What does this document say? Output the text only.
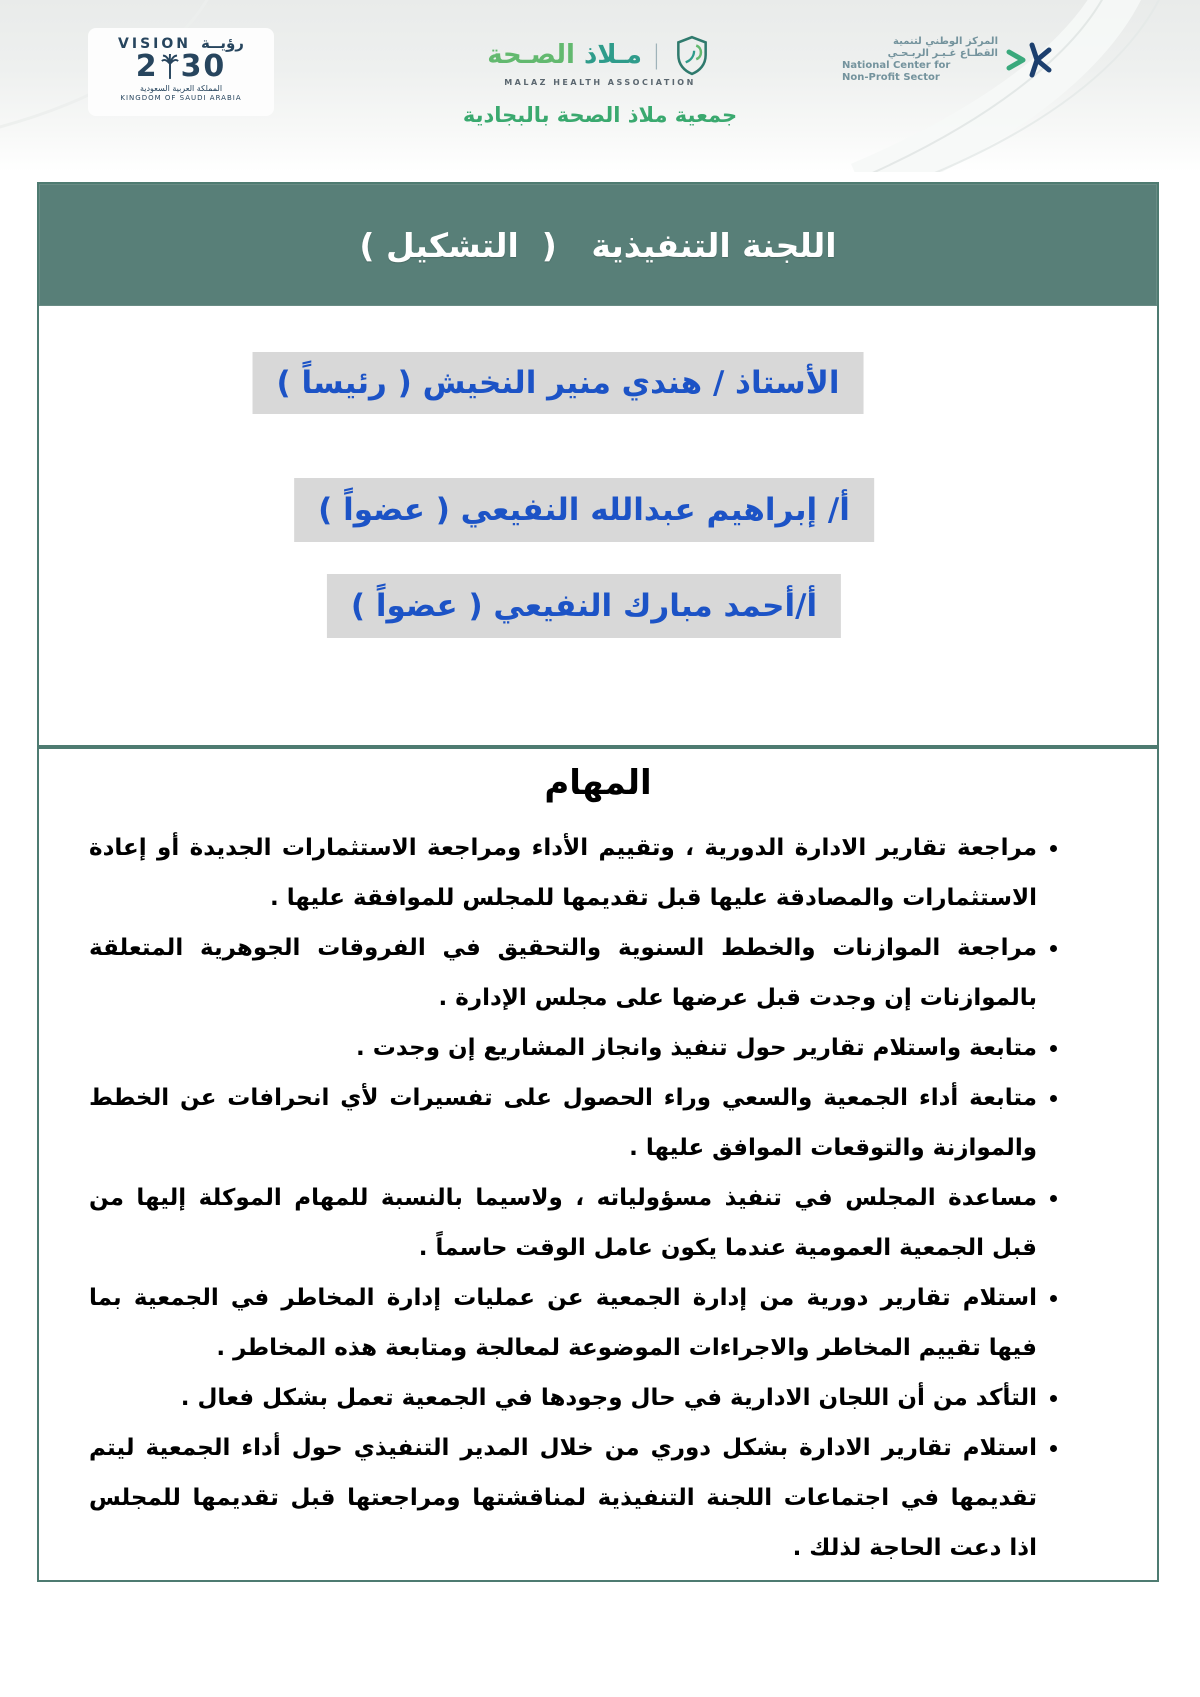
VISION رؤيــة
2 30
المملكة العربية السعودية
KINGDOM OF SAUDI ARABIA
مـلاذ الصـحة	|
MALAZ HEALTH ASSOCIATION
جمعية ملاذ الصحة بالبجادية
المركز الوطني لتنمية
القطـاع غـيـر الربـحـي
National Center for
Non-Profit Sector
اللجنة التنفيذية   (  التشكيل )
الأستاذ / هندي منير النخيش ( رئيساً )
أ/ إبراهيم عبدالله النفيعي ( عضواً )
أ/أحمد مبارك النفيعي ( عضواً )
المهام
• مراجعة تقارير الادارة الدورية ، وتقييم الأداء ومراجعة الاستثمارات الجديدة أو إعادة الاستثمارات والمصادقة عليها قبل تقديمها للمجلس للموافقة عليها .
• مراجعة الموازنات والخطط السنوية والتحقيق في الفروقات الجوهرية المتعلقة بالموازنات إن وجدت قبل عرضها على مجلس الإدارة .
• متابعة واستلام تقارير حول تنفيذ وانجاز المشاريع إن وجدت .
• متابعة أداء الجمعية والسعي وراء الحصول على تفسيرات لأي انحرافات عن الخطط والموازنة والتوقعات الموافق عليها .
• مساعدة المجلس في تنفيذ مسؤولياته ، ولاسيما بالنسبة للمهام الموكلة إليها من قبل الجمعية العمومية عندما يكون عامل الوقت حاسماً .
• استلام تقارير دورية من إدارة الجمعية عن عمليات إدارة المخاطر في الجمعية بما فيها تقييم المخاطر والاجراءات الموضوعة لمعالجة ومتابعة هذه المخاطر .
• التأكد من أن اللجان الادارية في حال وجودها في الجمعية تعمل بشكل فعال .
• استلام تقارير الادارة بشكل دوري من خلال المدير التنفيذي حول أداء الجمعية ليتم تقديمها في اجتماعات اللجنة التنفيذية لمناقشتها ومراجعتها قبل تقديمها للمجلس اذا دعت الحاجة لذلك .
